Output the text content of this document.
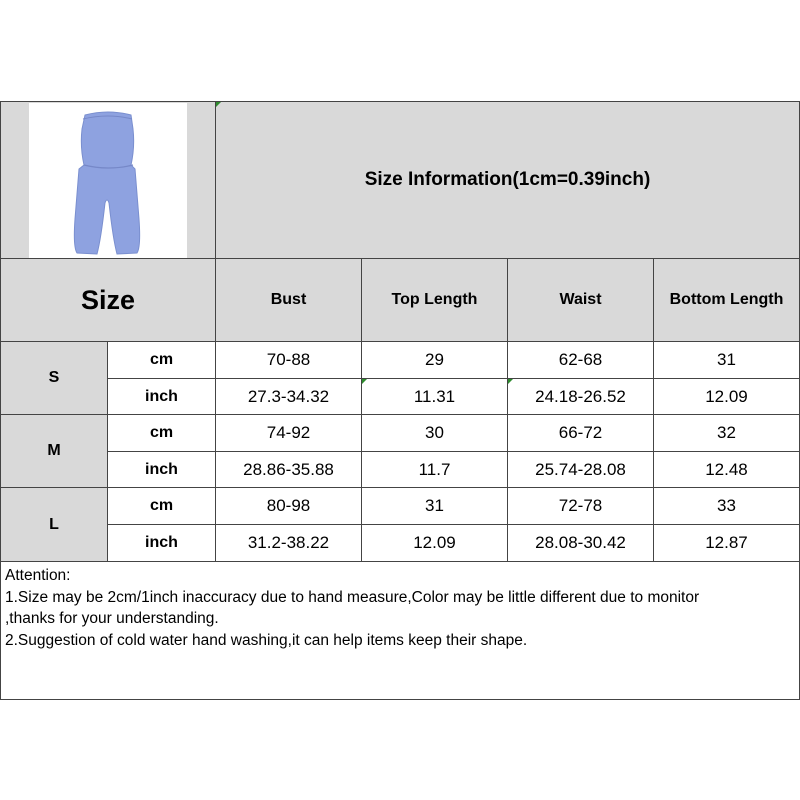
Size Information(1cm=0.39inch)
Size	Bust	Top Length	Waist	Bottom Length
S
cm	70-88	29	62-68	31
inch	27.3-34.32	11.31	24.18-26.52	12.09
M
cm	74-92	30	66-72	32
inch	28.86-35.88	11.7	25.74-28.08	12.48
L
cm	80-98	31	72-78	33
inch	31.2-38.22	12.09	28.08-30.42	12.87
Attention:
1.Size may be 2cm/1inch inaccuracy due to hand measure,Color may be little different due to monitor
,thanks for your understanding.
2.Suggestion of cold water hand washing,it can help items keep their shape.
